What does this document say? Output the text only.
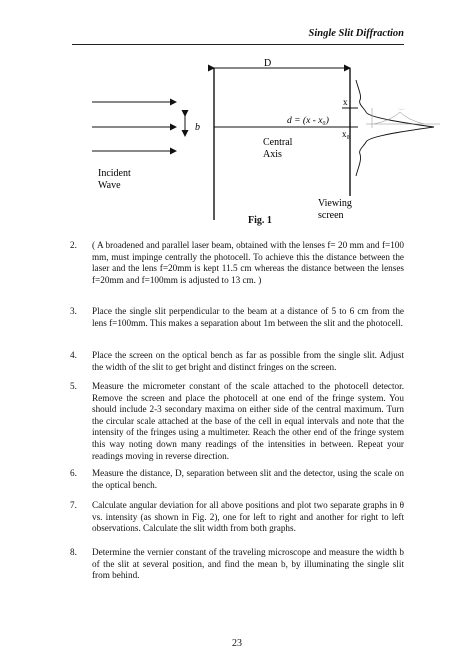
Single Slit Diffraction
D
b
x
x₀
d = (x - x₀)
·—·
Central
Axis
Incident
Wave
Viewing
screen
Fig. 1
2. ( A broadened and parallel laser beam, obtained with the lenses f= 20 mm and f=100 mm, must impinge centrally the photocell. To achieve this the distance between the laser and the lens f=20mm is kept 11.5 cm whereas the distance between the lenses f=20mm and f=100mm is adjusted to 13 cm. )
3. Place the single slit perpendicular to the beam at a distance of 5 to 6 cm from the lens f=100mm. This makes a separation about 1m between the slit and the photocell.
4. Place the screen on the optical bench as far as possible from the single slit. Adjust the width of the slit to get bright and distinct fringes on the screen.
5. Measure the micrometer constant of the scale attached to the photocell detector. Remove the screen and place the photocell at one end of the fringe system. You should include 2-3 secondary maxima on either side of the central maximum. Turn the circular scale attached at the base of the cell in equal intervals and note that the intensity of the fringes using a multimeter. Reach the other end of the fringe system this way noting down many readings of the intensities in between. Repeat your readings moving in reverse direction.
6. Measure the distance, D, separation between slit and the detector, using the scale on the optical bench.
7. Calculate angular deviation for all above positions and plot two separate graphs in θ vs. intensity (as shown in Fig. 2), one for left to right and another for right to left observations. Calculate the slit width from both graphs.
8. Determine the vernier constant of the traveling microscope and measure the width b of the slit at several position, and find the mean b, by illuminating the single slit from behind.
23
